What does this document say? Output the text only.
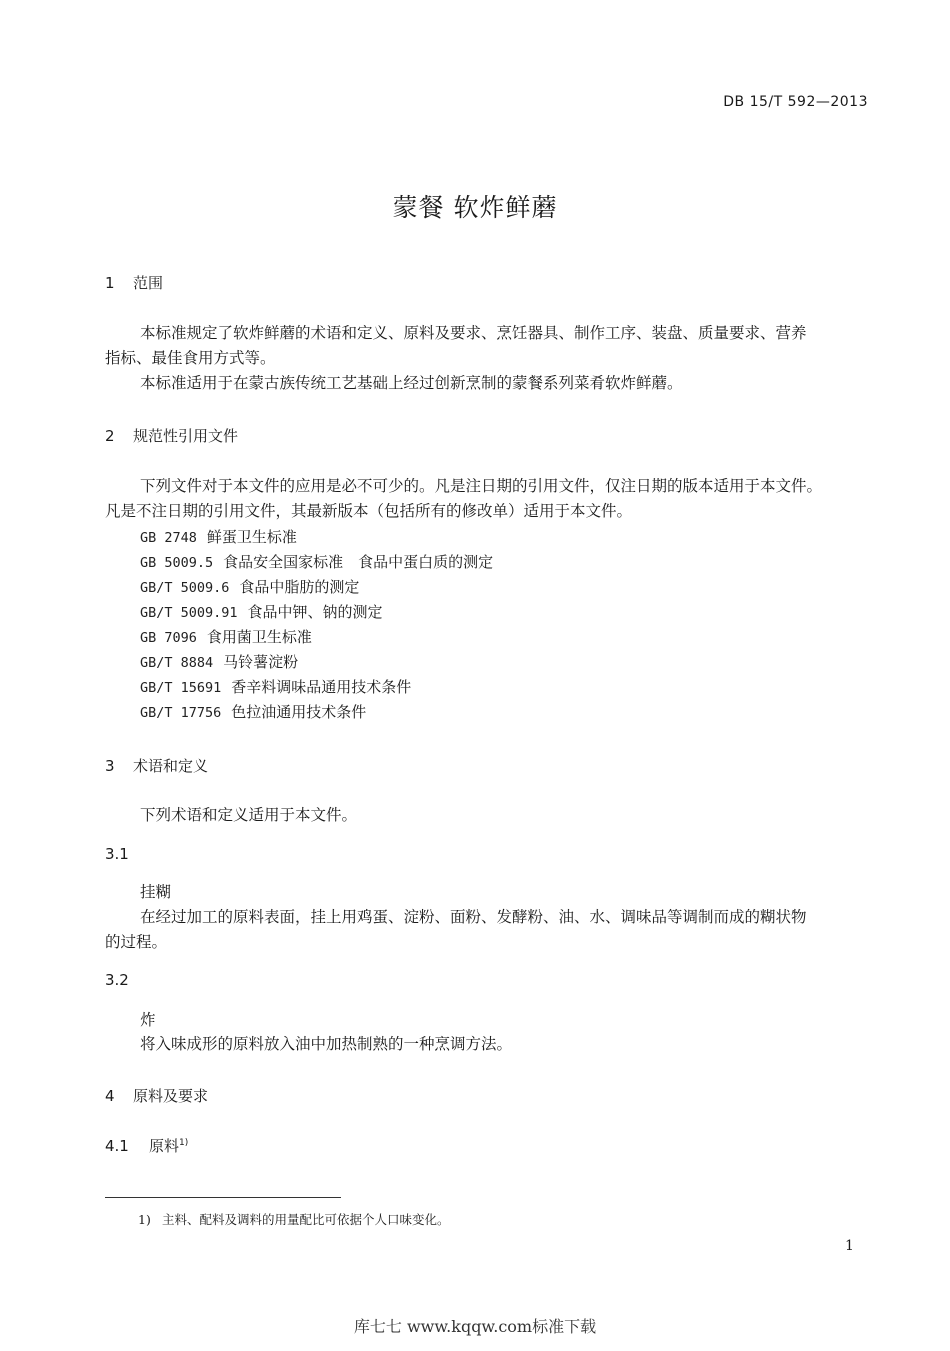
DB 15/T 592—2013
蒙餐 软炸鲜蘑
1 范围
本标准规定了软炸鲜蘑的术语和定义、原料及要求、烹饪器具、制作工序、装盘、质量要求、营养
指标、最佳食用方式等。
本标准适用于在蒙古族传统工艺基础上经过创新烹制的蒙餐系列菜肴软炸鲜蘑。
2 规范性引用文件
下列文件对于本文件的应用是必不可少的。凡是注日期的引用文件，仅注日期的版本适用于本文件。
凡是不注日期的引用文件，其最新版本（包括所有的修改单）适用于本文件。
GB 2748 鲜蛋卫生标准
GB 5009.5 食品安全国家标准　食品中蛋白质的测定
GB/T 5009.6 食品中脂肪的测定
GB/T 5009.91 食品中钾、钠的测定
GB 7096 食用菌卫生标准
GB/T 8884 马铃薯淀粉
GB/T 15691 香辛料调味品通用技术条件
GB/T 17756 色拉油通用技术条件
3 术语和定义
下列术语和定义适用于本文件。
3.1
挂糊
在经过加工的原料表面，挂上用鸡蛋、淀粉、面粉、发酵粉、油、水、调味品等调制而成的糊状物
的过程。
3.2
炸
将入味成形的原料放入油中加热制熟的一种烹调方法。
4 原料及要求
4.1 原料$^{1)}$
1) 主料、配料及调料的用量配比可依据个人口味变化。
1
库七七 www.kqqw.com标准下载
